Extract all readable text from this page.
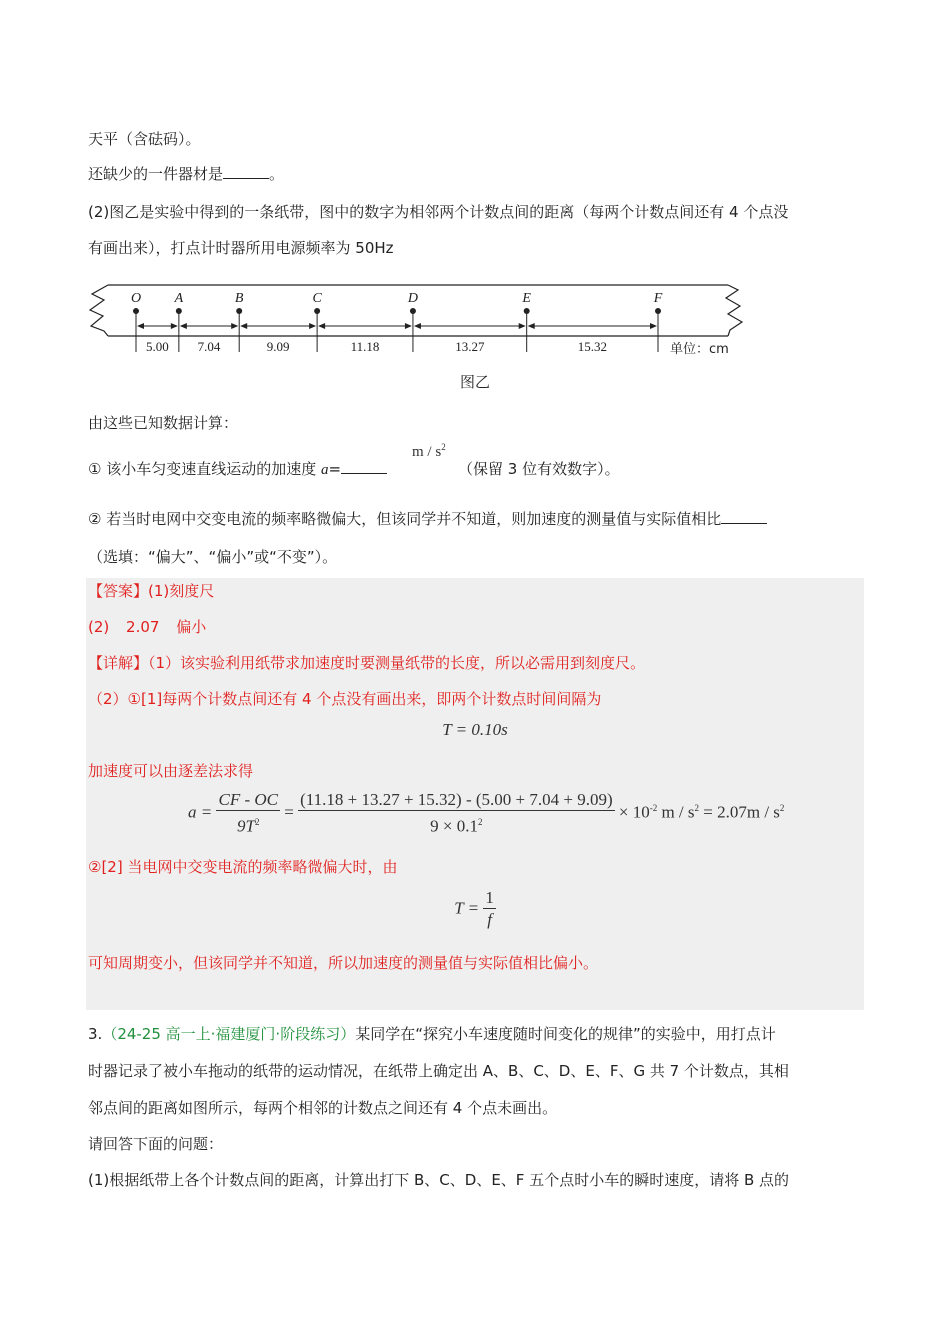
天平（含砝码）。
还缺少的一件器材是	。
(2)图乙是实验中得到的一条纸带，图中的数字为相邻两个计数点间的距离（每两个计数点间还有 4 个点没
有画出来），打点计时器所用电源频率为 50Hz
O A	B	C	D	E	F
5.00 7.04	9.09	11.18	13.27	15.32	单位：cm
图乙
由这些已知数据计算：
① 该小车匀变速直线运动的加速度 a=
m / $s^2$
（保留 3 位有效数字）。
② 若当时电网中交变电流的频率略微偏大，但该同学并不知道，则加速度的测量值与实际值相比
（选填：“偏大”、“偏小”或“不变”）。
【答案】(1)刻度尺
(2) 2.07 偏小
【详解】（1）该实验利用纸带求加速度时要测量纸带的长度，所以必需用到刻度尺。
（2）①[1]每两个计数点间还有 4 个点没有画出来，即两个计数点时间间隔为
T = 0.10s
加速度可以由逐差法求得
$a = \frac{CF - OC}{9T^2} = \frac{(11.18 + 13.27 + 15.32) - (5.00 + 7.04 + 9.09)}{9 \times 0.1^2} \times 10^{-2}$ $m / s^2 = 2.07m / s^2$
②[2] 当电网中交变电流的频率略微偏大时，由
$T = \frac{1}{f}$
可知周期变小，但该同学并不知道，所以加速度的测量值与实际值相比偏小。
3.（24-25 高一上·福建厦门·阶段练习）某同学在“探究小车速度随时间变化的规律”的实验中，用打点计
时器记录了被小车拖动的纸带的运动情况，在纸带上确定出 A、B、C、D、E、F、G 共 7 个计数点，其相
邻点间的距离如图所示，每两个相邻的计数点之间还有 4 个点未画出。
请回答下面的问题：
(1)根据纸带上各个计数点间的距离，计算出打下 B、C、D、E、F 五个点时小车的瞬时速度，请将 B 点的
